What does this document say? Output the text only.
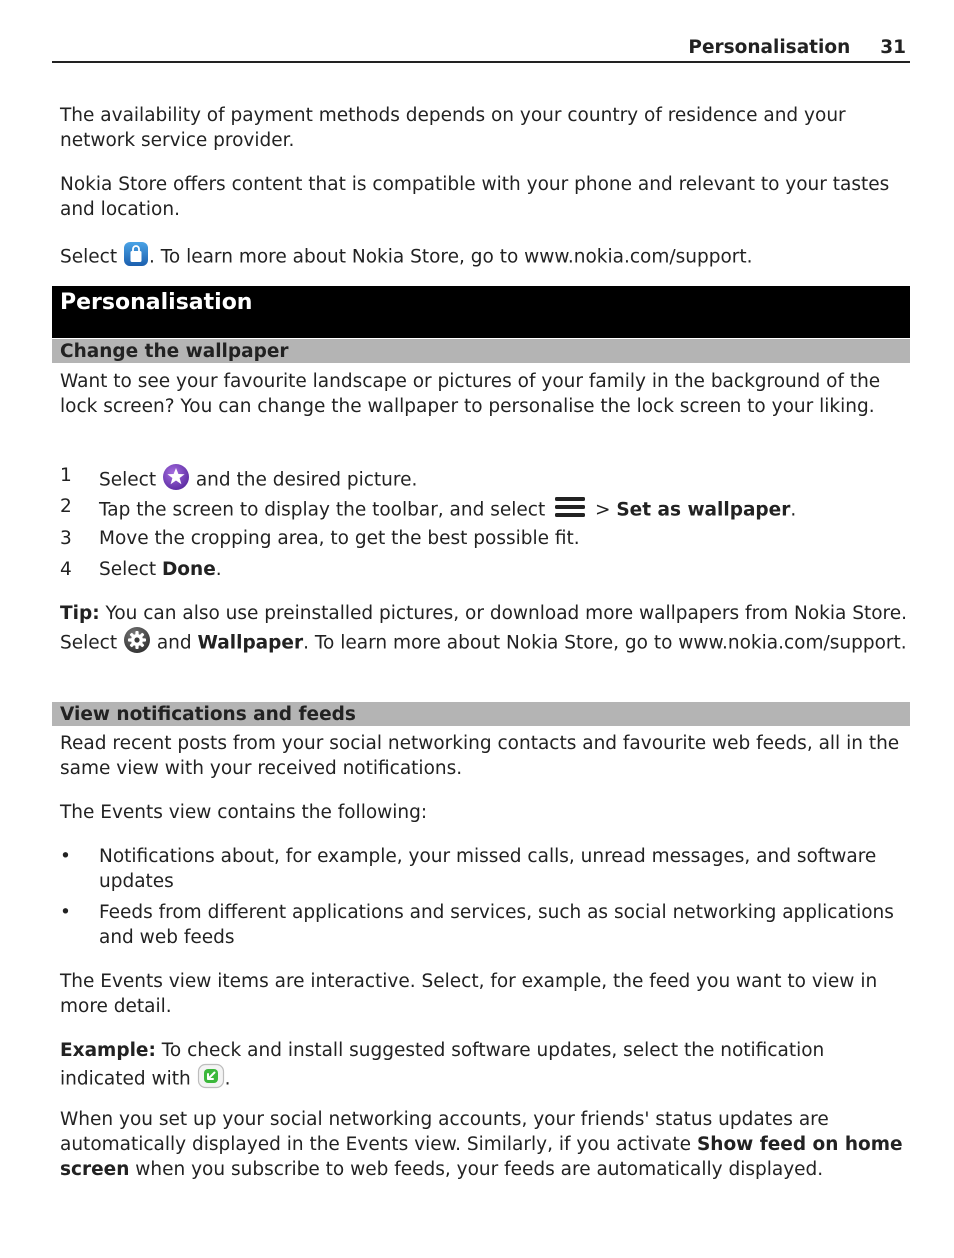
Personalisation 31

The availability of payment methods depends on your country of residence and your network service provider.

Nokia Store offers content that is compatible with your phone and relevant to your tastes and location.

Select . To learn more about Nokia Store, go to www.nokia.com/support.

Personalisation
Change the wallpaper

Want to see your favourite landscape or pictures of your family in the background of the lock screen? You can change the wallpaper to personalise the lock screen to your liking.

1 Select  and the desired picture.
2 Tap the screen to display the toolbar, and select  > Set as wallpaper.
3 Move the cropping area, to get the best possible fit.
4 Select Done.

Tip: You can also use preinstalled pictures, or download more wallpapers from Nokia Store. Select  and Wallpaper. To learn more about Nokia Store, go to www.nokia.com/support.

View notifications and feeds

Read recent posts from your social networking contacts and favourite web feeds, all in the same view with your received notifications.

The Events view contains the following:

• Notifications about, for example, your missed calls, unread messages, and software updates
• Feeds from different applications and services, such as social networking applications and web feeds

The Events view items are interactive. Select, for example, the feed you want to view in more detail.

Example: To check and install suggested software updates, select the notification indicated with .

When you set up your social networking accounts, your friends' status updates are automatically displayed in the Events view. Similarly, if you activate Show feed on home screen when you subscribe to web feeds, your feeds are automatically displayed.
